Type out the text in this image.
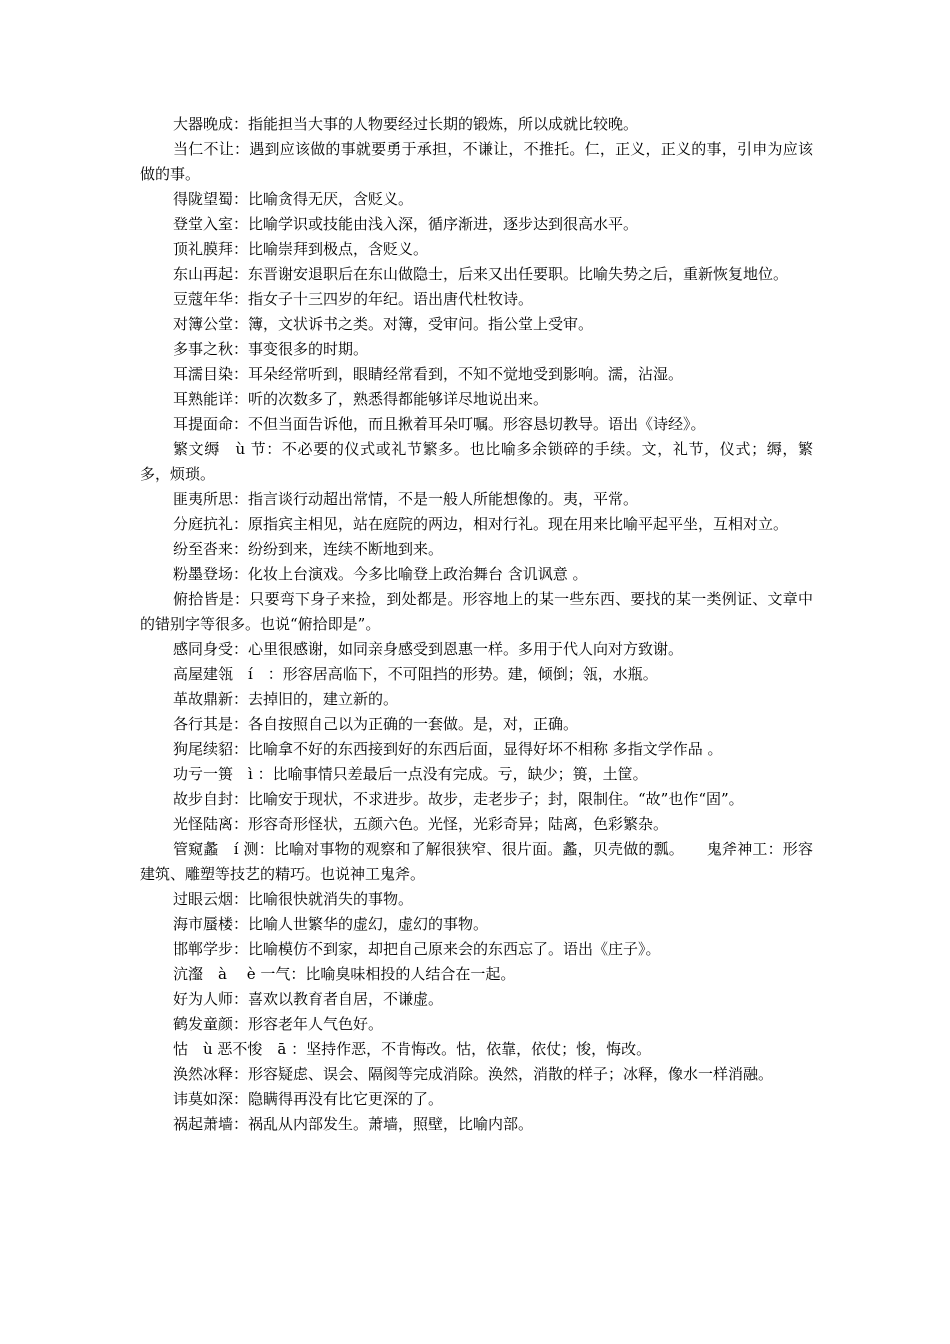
大器晚成：指能担当大事的人物要经过长期的锻炼，所以成就比较晚。

当仁不让：遇到应该做的事就要勇于承担，不谦让，不推托。仁，正义，正义的事，引申为应该做的事。

得陇望蜀：比喻贪得无厌，含贬义。

登堂入室：比喻学识或技能由浅入深，循序渐进，逐步达到很高水平。

顶礼膜拜：比喻崇拜到极点，含贬义。

东山再起：东晋谢安退职后在东山做隐士，后来又出任要职。比喻失势之后，重新恢复地位。

豆蔻年华：指女子十三四岁的年纪。语出唐代杜牧诗。

对簿公堂：簿，文状诉书之类。对簿，受审问。指公堂上受审。

多事之秋：事变很多的时期。

耳濡目染：耳朵经常听到，眼睛经常看到，不知不觉地受到影响。濡，沾湿。

耳熟能详：听的次数多了，熟悉得都能够详尽地说出来。

耳提面命：不但当面告诉他，而且揪着耳朵叮嘱。形容恳切教导。语出《诗经》。

繁文缛　ù 节：不必要的仪式或礼节繁多。也比喻多余锁碎的手续。文，礼节，仪式；缛，繁多，烦琐。

匪夷所思：指言谈行动超出常情，不是一般人所能想像的。夷，平常。

分庭抗礼：原指宾主相见，站在庭院的两边，相对行礼。现在用来比喻平起平坐，互相对立。

纷至沓来：纷纷到来，连续不断地到来。

粉墨登场：化妆上台演戏。今多比喻登上政治舞台 含讥讽意 。

俯拾皆是：只要弯下身子来捡，到处都是。形容地上的某一些东西、要找的某一类例证、文章中的错别字等很多。也说“俯拾即是”。

感同身受：心里很感谢，如同亲身感受到恩惠一样。多用于代人向对方致谢。

高屋建瓴　í　：形容居高临下，不可阻挡的形势。建，倾倒；瓴，水瓶。

革故鼎新：去掉旧的，建立新的。

各行其是：各自按照自己以为正确的一套做。是，对，正确。

狗尾续貂：比喻拿不好的东西接到好的东西后面，显得好坏不相称 多指文学作品 。

功亏一篑　ì ：比喻事情只差最后一点没有完成。亏，缺少；篑，土筐。

故步自封：比喻安于现状，不求进步。故步，走老步子；封，限制住。“故”也作“固”。

光怪陆离：形容奇形怪状，五颜六色。光怪，光彩奇异；陆离，色彩繁杂。

管窥蠡　í 测：比喻对事物的观察和了解很狭窄、很片面。蠡，贝壳做的瓢。　　鬼斧神工：形容建筑、雕塑等技艺的精巧。也说神工鬼斧。

过眼云烟：比喻很快就消失的事物。

海市蜃楼：比喻人世繁华的虚幻，虚幻的事物。

邯郸学步：比喻模仿不到家，却把自己原来会的东西忘了。语出《庄子》。

沆瀣　à　 è 一气：比喻臭味相投的人结合在一起。

好为人师：喜欢以教育者自居，不谦虚。

鹤发童颜：形容老年人气色好。

怙　ù 恶不悛　ā ：坚持作恶，不肯悔改。怙，依靠，依仗；悛，悔改。

涣然冰释：形容疑虑、误会、隔阂等完成消除。涣然，消散的样子；冰释，像水一样消融。

讳莫如深：隐瞒得再没有比它更深的了。

祸起萧墙：祸乱从内部发生。萧墙，照壁，比喻内部。
